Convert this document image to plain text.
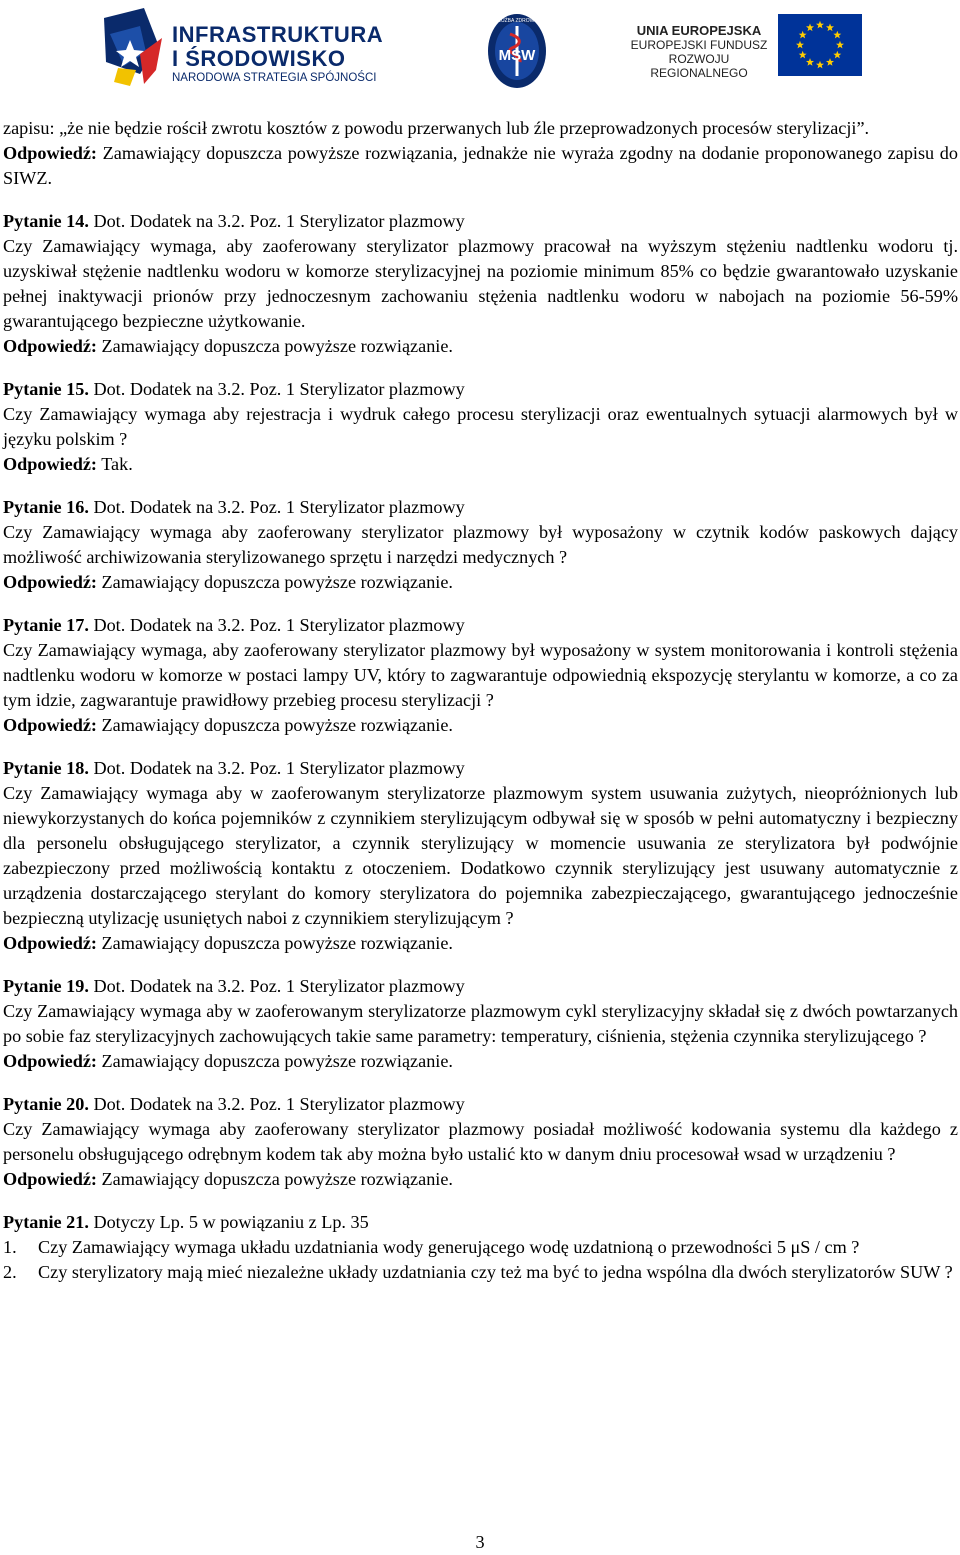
INFRASTRUKTURA
I ŚRODOWISKO
NARODOWA STRATEGIA SPÓJNOŚCI
MSW
SŁUŻBA ZDROWIA
UNIA EUROPEJSKA
EUROPEJSKI FUNDUSZ
ROZWOJU REGIONALNEGO

zapisu: „że nie będzie rościł zwrotu kosztów z powodu przerwanych lub źle przeprowadzonych procesów sterylizacji”.

Odpowiedź: Zamawiający dopuszcza powyższe rozwiązania, jednakże nie wyraża zgodny na dodanie proponowanego zapisu do SIWZ.

Pytanie 14. Dot. Dodatek na 3.2. Poz. 1 Sterylizator plazmowy

Czy Zamawiający wymaga, aby zaoferowany sterylizator plazmowy pracował na wyższym stężeniu nadtlenku wodoru tj. uzyskiwał stężenie nadtlenku wodoru w komorze sterylizacyjnej na poziomie minimum 85% co będzie gwarantowało uzyskanie pełnej inaktywacji prionów przy jednoczesnym zachowaniu stężenia nadtlenku wodoru w nabojach na poziomie 56-59% gwarantującego bezpieczne użytkowanie.

Odpowiedź: Zamawiający dopuszcza powyższe rozwiązanie.

Pytanie 15. Dot. Dodatek na 3.2. Poz. 1 Sterylizator plazmowy

Czy Zamawiający wymaga aby rejestracja i wydruk całego procesu sterylizacji oraz ewentualnych sytuacji alarmowych był w języku polskim ?

Odpowiedź: Tak.

Pytanie 16. Dot. Dodatek na 3.2. Poz. 1 Sterylizator plazmowy

Czy Zamawiający wymaga aby zaoferowany sterylizator plazmowy był wyposażony w czytnik kodów paskowych dający możliwość archiwizowania sterylizowanego sprzętu i narzędzi medycznych ?

Odpowiedź: Zamawiający dopuszcza powyższe rozwiązanie.

Pytanie 17. Dot. Dodatek na 3.2. Poz. 1 Sterylizator plazmowy

Czy Zamawiający wymaga, aby zaoferowany sterylizator plazmowy był wyposażony w system monitorowania i kontroli stężenia nadtlenku wodoru w komorze w postaci lampy UV, który to zagwarantuje odpowiednią ekspozycję sterylantu w komorze, a co za tym idzie, zagwarantuje prawidłowy przebieg procesu sterylizacji ?

Odpowiedź: Zamawiający dopuszcza powyższe rozwiązanie.

Pytanie 18. Dot. Dodatek na 3.2. Poz. 1 Sterylizator plazmowy

Czy Zamawiający wymaga aby w zaoferowanym sterylizatorze plazmowym system usuwania zużytych, nieopróżnionych lub niewykorzystanych do końca pojemników z czynnikiem sterylizującym odbywał się w sposób w pełni automatyczny i bezpieczny dla personelu obsługującego sterylizator, a czynnik sterylizujący w momencie usuwania ze sterylizatora był podwójnie zabezpieczony przed możliwością kontaktu z otoczeniem. Dodatkowo czynnik sterylizujący jest usuwany automatycznie z urządzenia dostarczającego sterylant do komory sterylizatora do pojemnika zabezpieczającego, gwarantującego jednocześnie bezpieczną utylizację usuniętych naboi z czynnikiem sterylizującym ?

Odpowiedź: Zamawiający dopuszcza powyższe rozwiązanie.

Pytanie 19. Dot. Dodatek na 3.2. Poz. 1 Sterylizator plazmowy

Czy Zamawiający wymaga aby w zaoferowanym sterylizatorze plazmowym cykl sterylizacyjny składał się z dwóch powtarzanych po sobie faz sterylizacyjnych zachowujących takie same parametry: temperatury, ciśnienia, stężenia czynnika sterylizującego ?

Odpowiedź: Zamawiający dopuszcza powyższe rozwiązanie.

Pytanie 20. Dot. Dodatek na 3.2. Poz. 1 Sterylizator plazmowy

Czy Zamawiający wymaga aby zaoferowany sterylizator plazmowy posiadał możliwość kodowania systemu dla każdego z personelu obsługującego odrębnym kodem tak aby można było ustalić kto w danym dniu procesował wsad w urządzeniu ?

Odpowiedź: Zamawiający dopuszcza powyższe rozwiązanie.

Pytanie 21. Dotyczy Lp. 5 w powiązaniu z Lp. 35

1. Czy Zamawiający wymaga układu uzdatniania wody generującego wodę uzdatnioną o przewodności 5 μS / cm ?
2. Czy sterylizatory mają mieć niezależne układy uzdatniania czy też ma być to jedna wspólna dla dwóch sterylizatorów SUW ?
3
